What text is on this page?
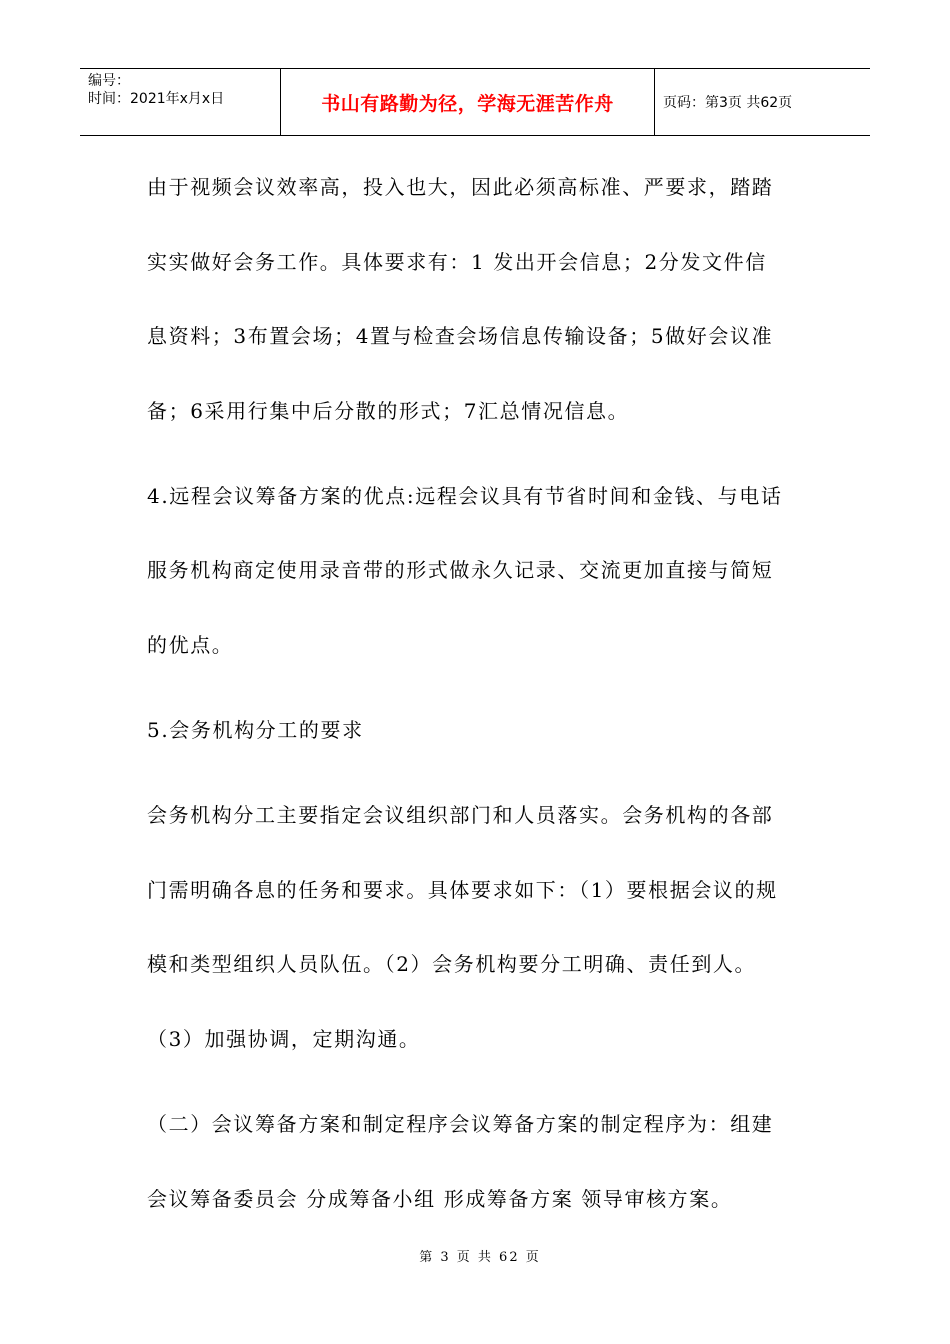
编号：
时间：2021年x月x日	书山有路勤为径，学海无涯苦作舟	页码：第3页 共62页
由于视频会议效率高，投入也大，因此必须高标准、严要求，踏踏
实实做好会务工作。具体要求有：1 发出开会信息；2分发文件信
息资料；3布置会场；4置与检查会场信息传输设备；5做好会议准
备；6采用行集中后分散的形式；7汇总情况信息。
4.远程会议筹备方案的优点:远程会议具有节省时间和金钱、与电话
服务机构商定使用录音带的形式做永久记录、交流更加直接与简短
的优点。
5.会务机构分工的要求
会务机构分工主要指定会议组织部门和人员落实。会务机构的各部
门需明确各息的任务和要求。具体要求如下：（1）要根据会议的规
模和类型组织人员队伍。（2）会务机构要分工明确、责任到人。
（3）加强协调，定期沟通。
（二）会议筹备方案和制定程序会议筹备方案的制定程序为：组建
会议筹备委员会 分成筹备小组 形成筹备方案 领导审核方案。
第 3 页 共 62 页
